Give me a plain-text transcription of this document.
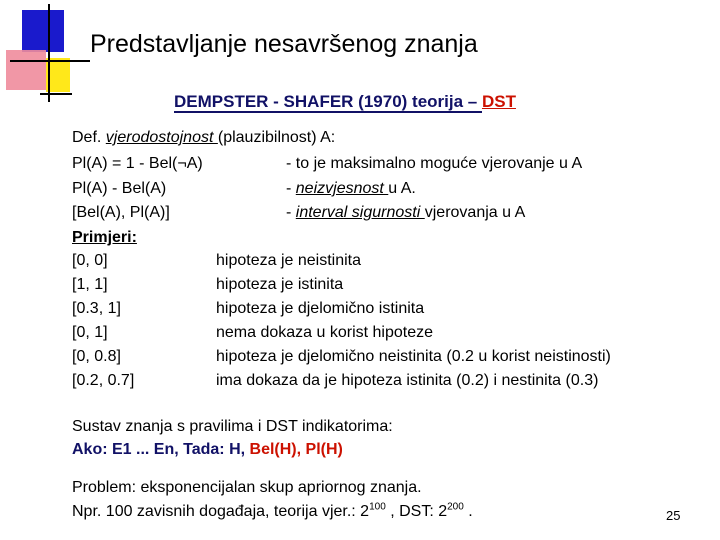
Predstavljanje nesavršenog znanja
DEMPSTER - SHAFER (1970) teorija – DST
Def. vjerodostojnost (plauzibilnost) A:
Pl(A) = 1 - Bel(¬A)	- to je maksimalno moguće vjerovanje u A
Pl(A) - Bel(A)	- neizvjesnost u A.
[Bel(A), Pl(A)]	- interval sigurnosti vjerovanja u A
Primjeri:
[0, 0]	hipoteza je neistinita
[1, 1]	hipoteza je istinita
[0.3, 1]	hipoteza je djelomično istinita
[0, 1]	nema dokaza u korist hipoteze
[0, 0.8]	hipoteza je djelomično neistinita (0.2 u korist neistinosti)
[0.2, 0.7]	ima dokaza da je hipoteza istinita (0.2) i nestinita (0.3)
Sustav znanja s pravilima i DST indikatorima:
Ako: E1 ... En, Tada: H, Bel(H), Pl(H)
Problem: eksponencijalan skup apriornog znanja.
Npr. 100 zavisnih događaja, teorija vjer.: $2^{100}$ , DST: $2^{200}$ .	25
